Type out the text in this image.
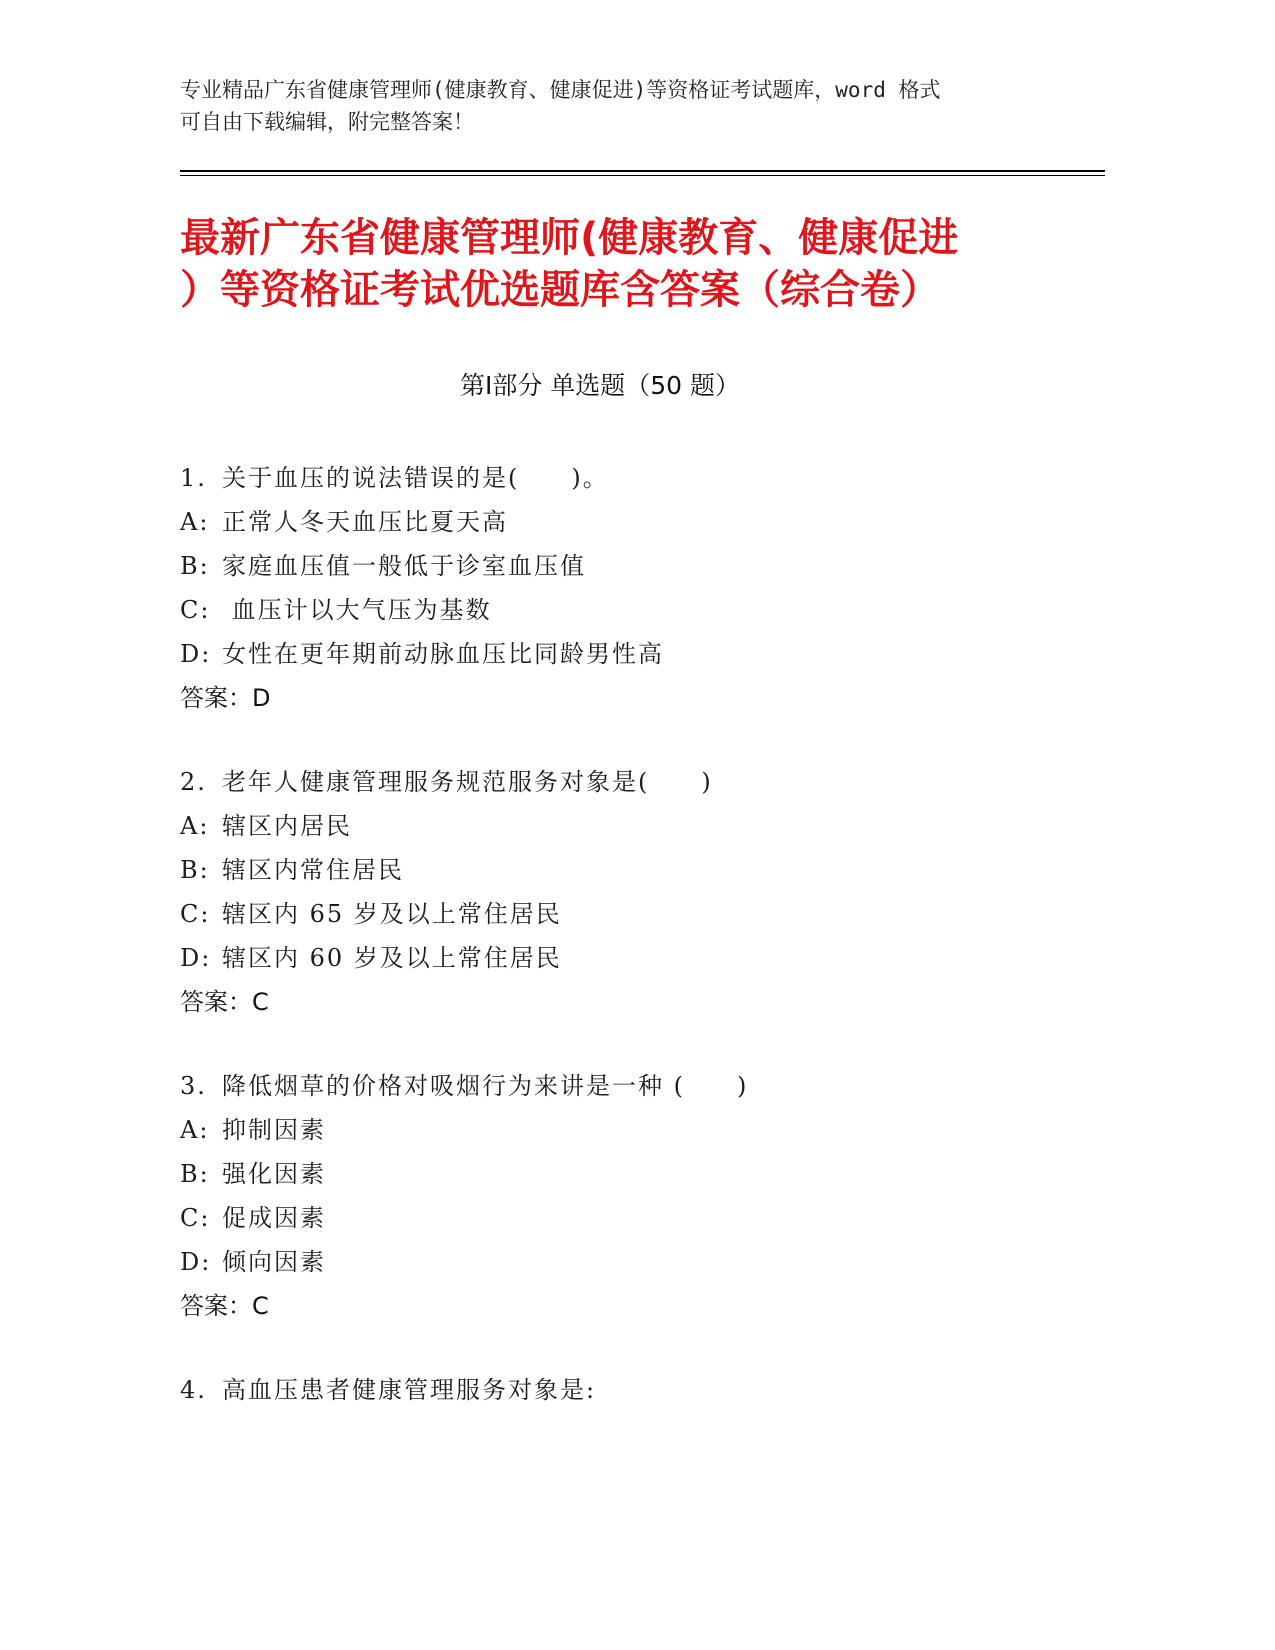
专业精品广东省健康管理师(健康教育、健康促进)等资格证考试题库，word 格式
可自由下载编辑，附完整答案！
最新广东省健康管理师(健康教育、健康促进
）等资格证考试优选题库含答案（综合卷）
第Ⅰ部分 单选题（50 题）
1. 关于血压的说法错误的是(　　)。
A: 正常人冬天血压比夏天高
B: 家庭血压值一般低于诊室血压值
C: 血压计以大气压为基数
D: 女性在更年期前动脉血压比同龄男性高
答案：D
2. 老年人健康管理服务规范服务对象是(　　)
A: 辖区内居民
B: 辖区内常住居民
C: 辖区内 65 岁及以上常住居民
D: 辖区内 60 岁及以上常住居民
答案：C
3. 降低烟草的价格对吸烟行为来讲是一种 (　　)
A: 抑制因素
B: 强化因素
C: 促成因素
D: 倾向因素
答案：C
4. 高血压患者健康管理服务对象是:
